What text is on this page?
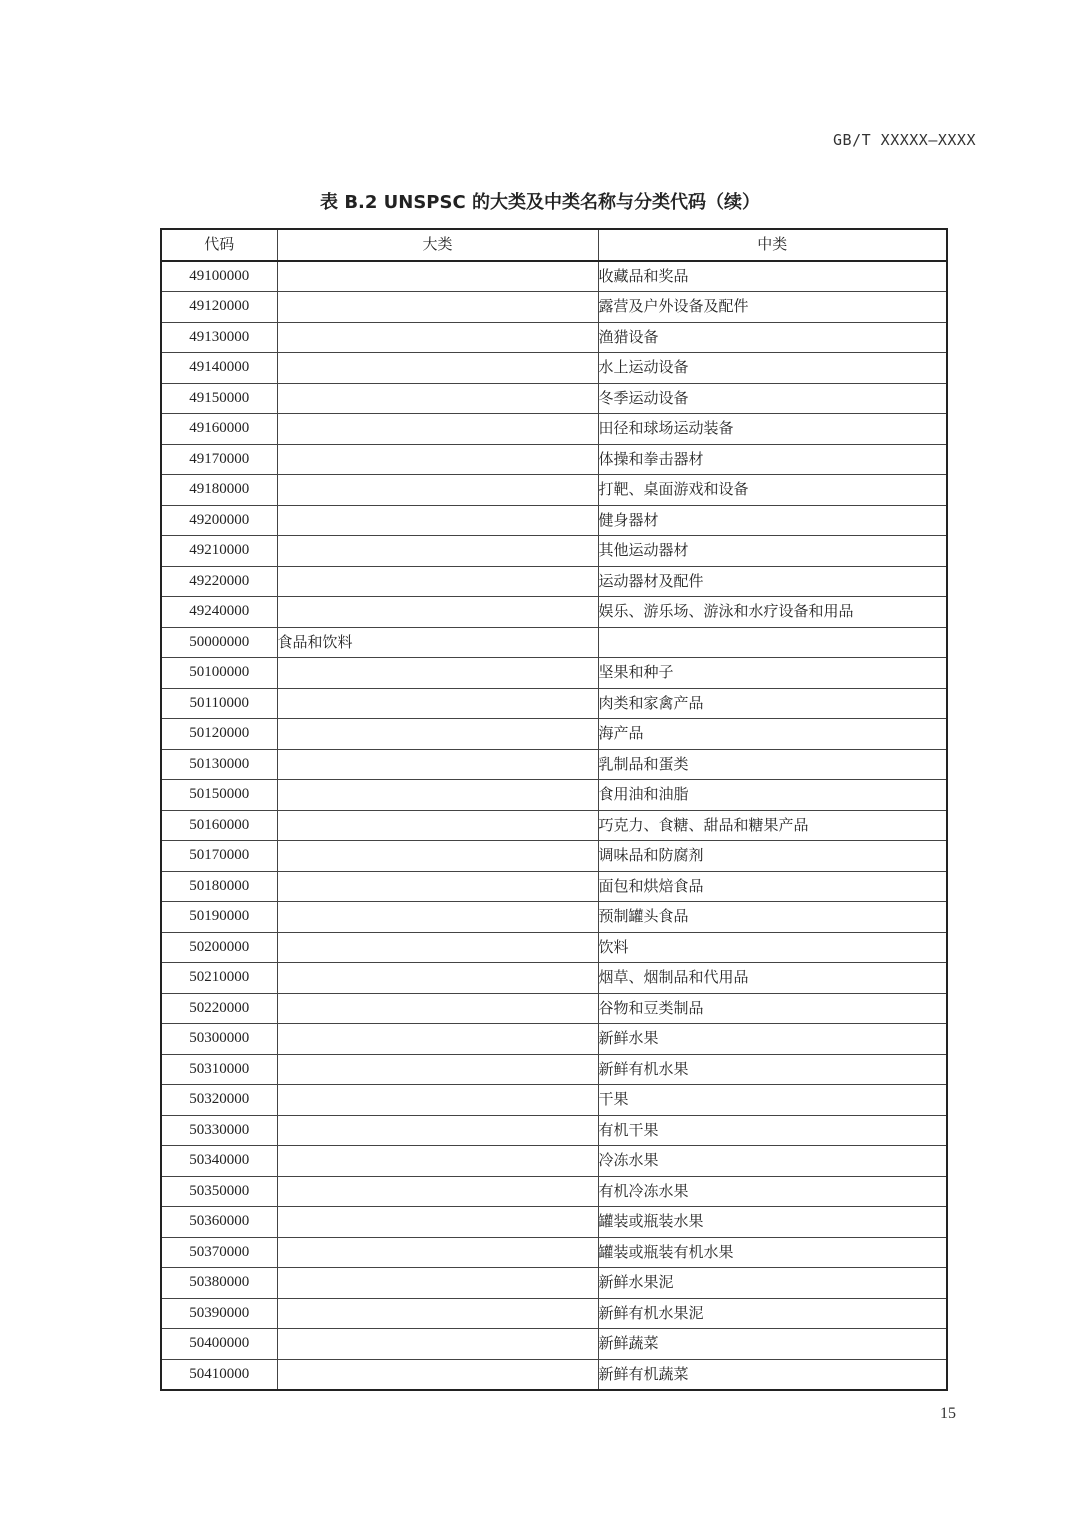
GB/T XXXXX—XXXX
表 B.2 UNSPSC 的大类及中类名称与分类代码（续）
代码	大类	中类
49100000		收藏品和奖品
49120000		露营及户外设备及配件
49130000		渔猎设备
49140000		水上运动设备
49150000		冬季运动设备
49160000		田径和球场运动装备
49170000		体操和拳击器材
49180000		打靶、桌面游戏和设备
49200000		健身器材
49210000		其他运动器材
49220000		运动器材及配件
49240000		娱乐、游乐场、游泳和水疗设备和用品
50000000	食品和饮料	
50100000		坚果和种子
50110000		肉类和家禽产品
50120000		海产品
50130000		乳制品和蛋类
50150000		食用油和油脂
50160000		巧克力、食糖、甜品和糖果产品
50170000		调味品和防腐剂
50180000		面包和烘焙食品
50190000		预制罐头食品
50200000		饮料
50210000		烟草、烟制品和代用品
50220000		谷物和豆类制品
50300000		新鲜水果
50310000		新鲜有机水果
50320000		干果
50330000		有机干果
50340000		冷冻水果
50350000		有机冷冻水果
50360000		罐装或瓶装水果
50370000		罐装或瓶装有机水果
50380000		新鲜水果泥
50390000		新鲜有机水果泥
50400000		新鲜蔬菜
50410000		新鲜有机蔬菜
15
